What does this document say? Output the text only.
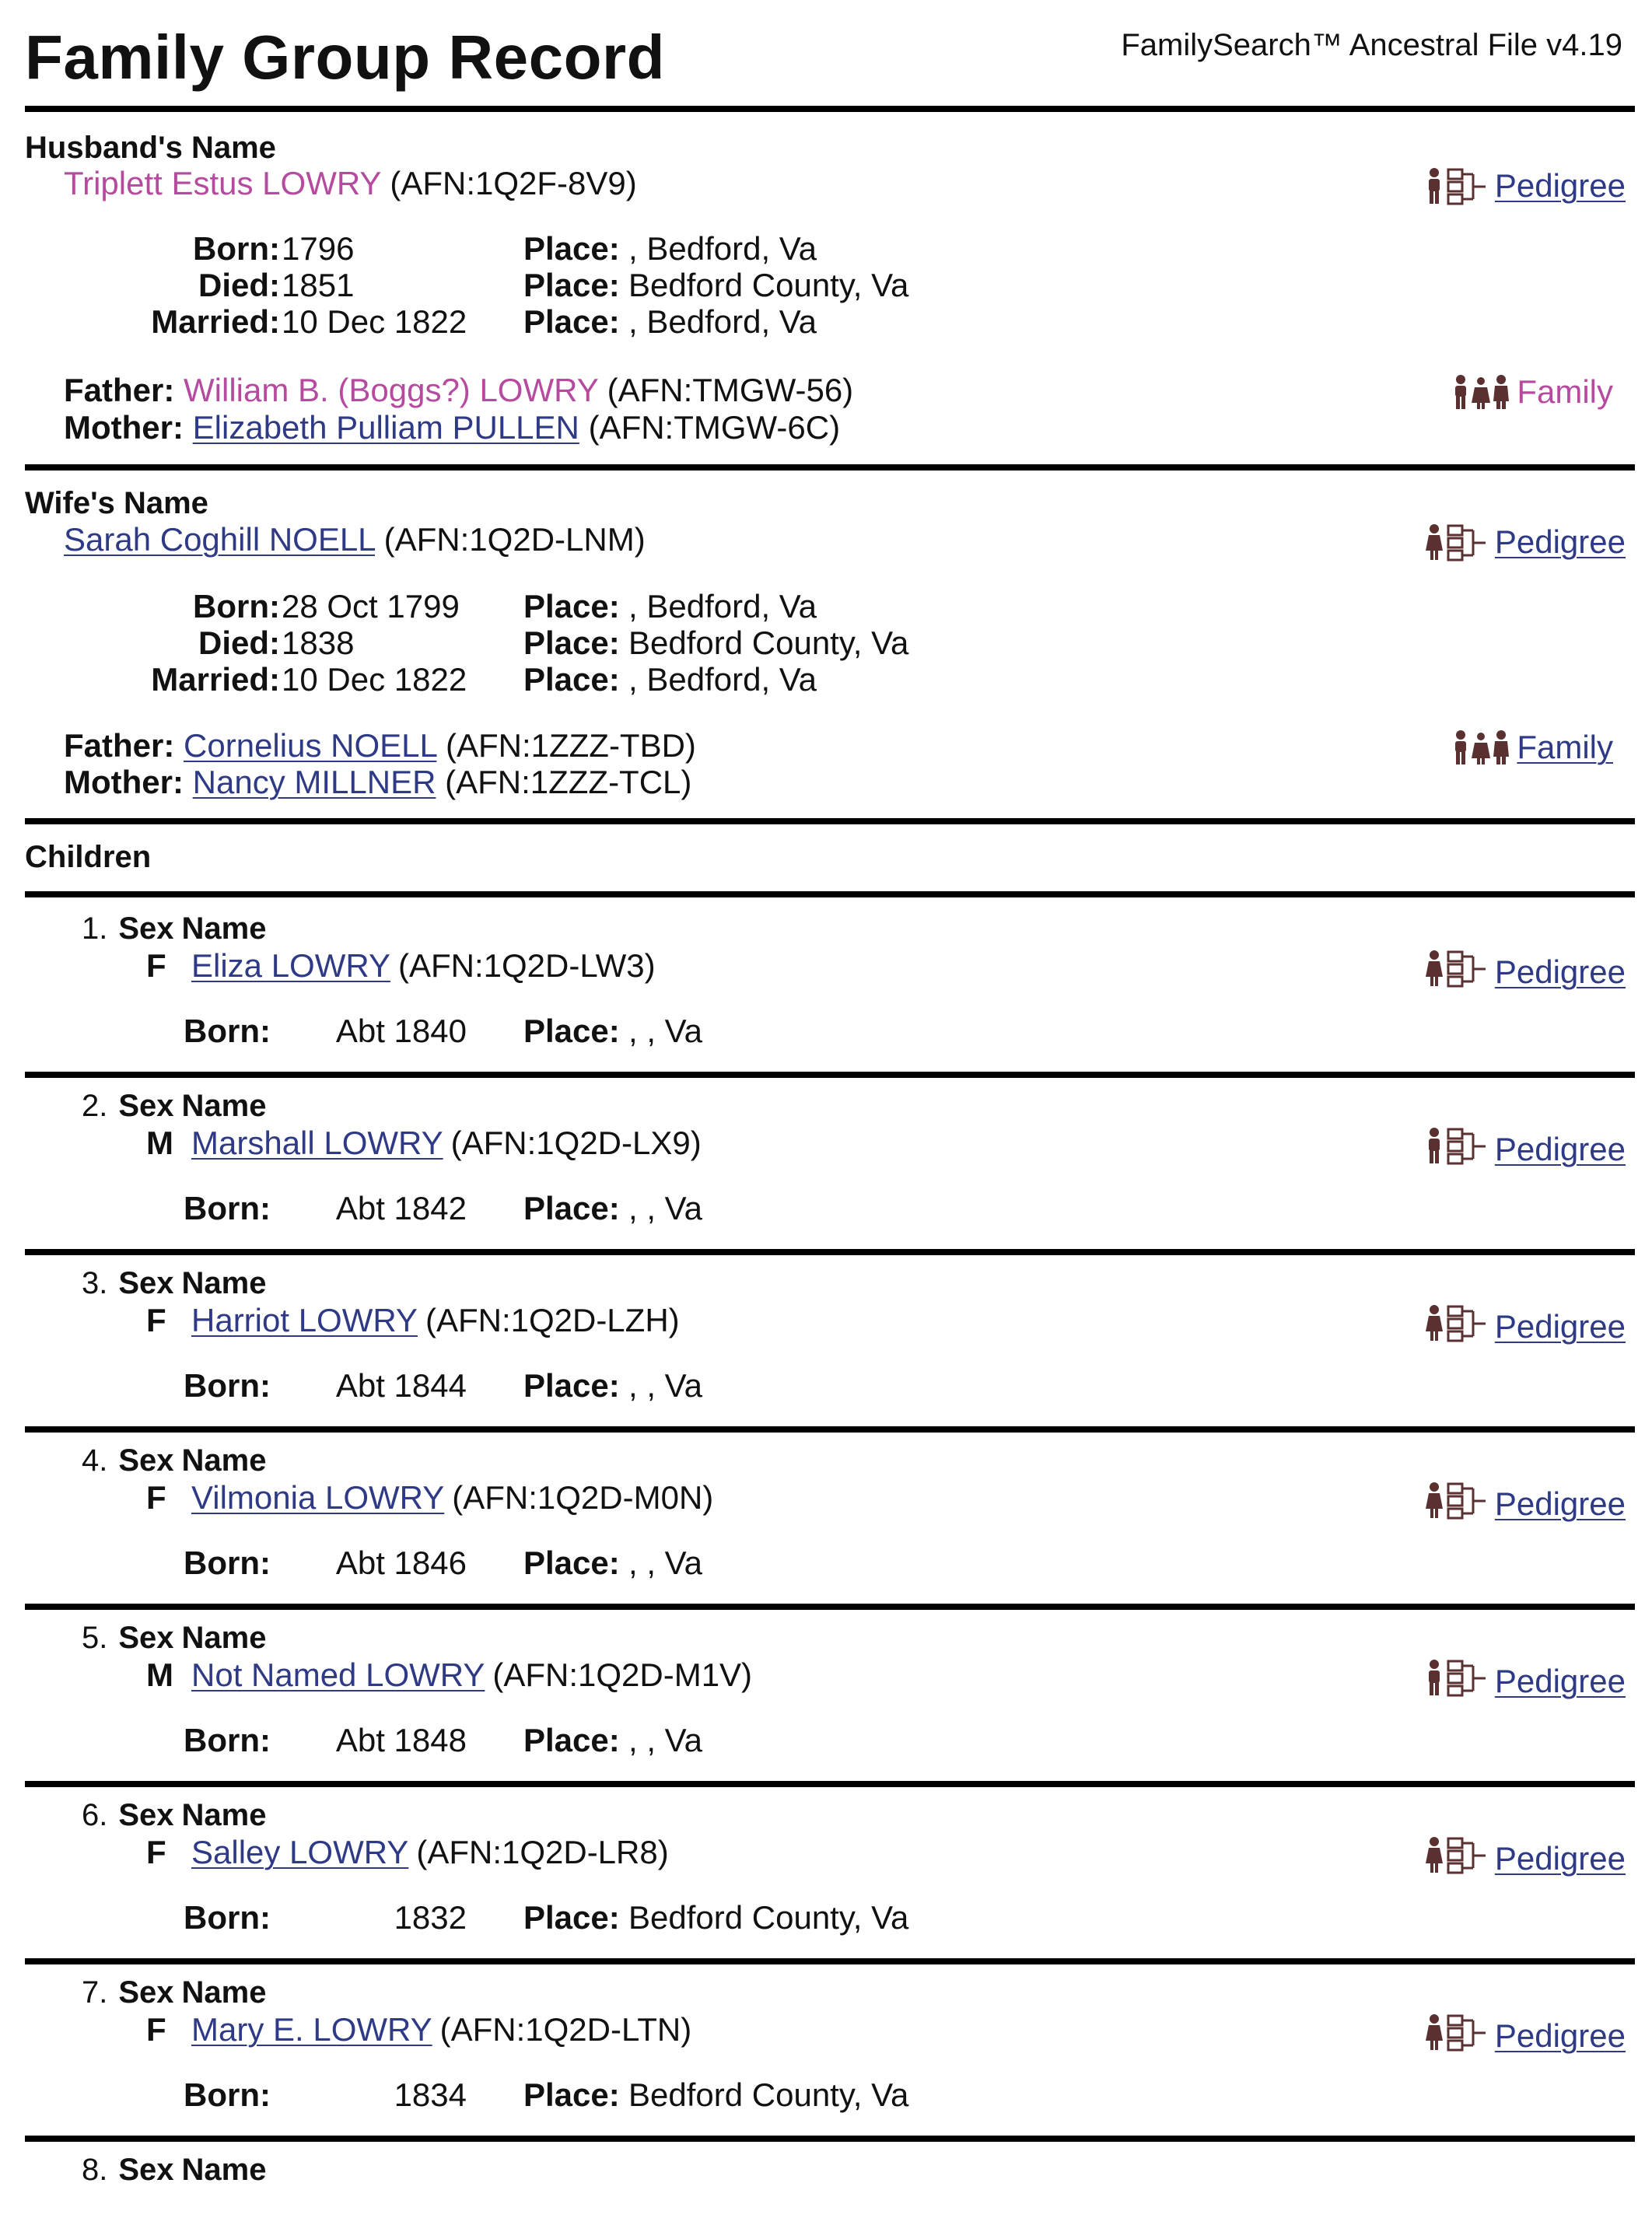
Family Group Record	FamilySearch™ Ancestral File v4.19
Husband's Name
Triplett Estus LOWRY (AFN:1Q2F-8V9)	Pedigree
Born: 1796	Place: , Bedford, Va
Died: 1851	Place: Bedford County, Va
Married: 10 Dec 1822 Place: , Bedford, Va
Father: William B. (Boggs?) LOWRY (AFN:TMGW-56)
Mother: Elizabeth Pulliam PULLEN (AFN:TMGW-6C)
Family
Wife's Name
Sarah Coghill NOELL (AFN:1Q2D-LNM)	Pedigree
Born: 28 Oct 1799 Place: , Bedford, Va
Died: 1838	Place: Bedford County, Va
Married: 10 Dec 1822 Place: , Bedford, Va
Father: Cornelius NOELL (AFN:1ZZZ-TBD)
Mother: Nancy MILLNER (AFN:1ZZZ-TCL)
Family
Children
1. Sex Name
F Eliza LOWRY (AFN:1Q2D-LW3)	Pedigree
Born: Abt 1840 Place: , , Va
2. Sex Name
M Marshall LOWRY (AFN:1Q2D-LX9)	Pedigree
Born: Abt 1842 Place: , , Va
3. Sex Name
F Harriot LOWRY (AFN:1Q2D-LZH)	Pedigree
Born: Abt 1844 Place: , , Va
4. Sex Name
F Vilmonia LOWRY (AFN:1Q2D-M0N)	Pedigree
Born: Abt 1846 Place: , , Va
5. Sex Name
M Not Named LOWRY (AFN:1Q2D-M1V)	Pedigree
Born: Abt 1848 Place: , , Va
6. Sex Name
F Salley LOWRY (AFN:1Q2D-LR8)	Pedigree
Born:	1832 Place: Bedford County, Va
7. Sex Name
F Mary E. LOWRY (AFN:1Q2D-LTN)	Pedigree
Born:	1834 Place: Bedford County, Va
8. Sex Name
